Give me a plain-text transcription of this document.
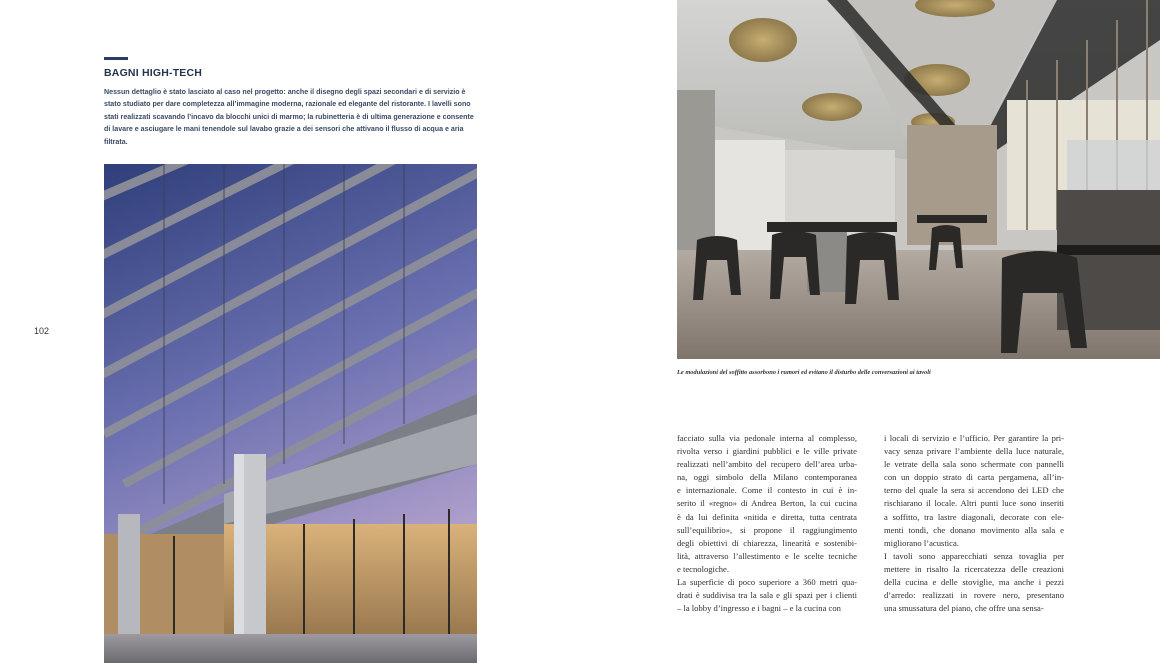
BAGNI HIGH-TECH

Nessun dettaglio è stato lasciato al caso nel progetto: anche il disegno degli spazi secondari e di servizio è stato studiato per dare completezza all’immagine moderna, razionale ed elegante del ristorante. I lavelli sono stati realizzati scavando l’incavo da blocchi unici di marmo; la rubinetteria è di ultima generazione e consente di lavare e asciugare le mani tenendole sul lavabo grazie a dei sensori che attivano il flusso di acqua e aria filtrata.

102

Le modulazioni del soffitto assorbono i rumori ed evitano il disturbo delle conversazioni ai tavoli

facciato sulla via pedonale interna al complesso,
rivolta verso i giardini pubblici e le ville private
realizzati nell’ambito del recupero dell’area urba-
na, oggi simbolo della Milano contemporanea
e internazionale. Come il contesto in cui è in-
serito il «regno» di Andrea Berton, la cui cucina
è da lui definita «nitida e diretta, tutta centrata
sull’equilibrio», si propone il raggiungimento
degli obiettivi di chiarezza, linearità e sostenibi-
lità, attraverso l’allestimento e le scelte tecniche
e tecnologiche.
La superficie di poco superiore a 360 metri qua-
drati è suddivisa tra la sala e gli spazi per i clienti
– la lobby d’ingresso e i bagni – e la cucina con
i locali di servizio e l’ufficio. Per garantire la pri-
vacy senza privare l’ambiente della luce naturale,
le vetrate della sala sono schermate con pannelli
con un doppio strato di carta pergamena, all’in-
terno del quale la sera si accendono dei LED che
rischiarano il locale. Altri punti luce sono inseriti
a soffitto, tra lastre diagonali, decorate con ele-
menti tondi, che donano movimento alla sala e
migliorano l’acustica.
I tavoli sono apparecchiati senza tovaglia per
mettere in risalto la ricercatezza delle creazioni
della cucina e delle stoviglie, ma anche i pezzi
d’arredo: realizzati in rovere nero, presentano
una smussatura del piano, che offre una sensa-
